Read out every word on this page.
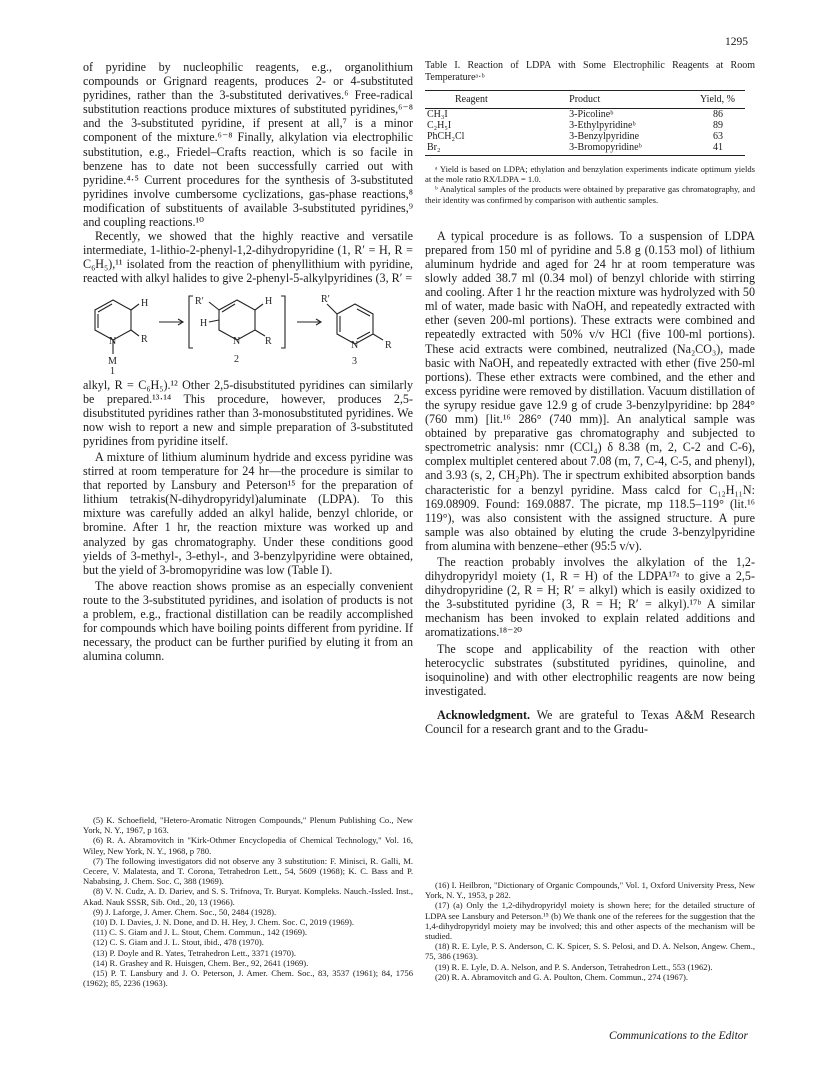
1295

of pyridine by nucleophilic reagents, e.g., organolithium compounds or Grignard reagents, produces 2- or 4-substituted pyridines, rather than the 3-substituted derivatives.⁶ Free-radical substitution reactions produce mixtures of substituted pyridines,⁶⁻⁸ and the 3-substituted pyridine, if present at all,⁷ is a minor component of the mixture.⁶⁻⁸ Finally, alkylation via electrophilic substitution, e.g., Friedel–Crafts reaction, which is so facile in benzene has to date not been successfully carried out with pyridine.⁴·⁵ Current procedures for the synthesis of 3-substituted pyridines involve cumbersome cyclizations, gas-phase reactions,⁸ modification of substituents of available 3-substituted pyridines,⁹ and coupling reactions.¹⁰

Recently, we showed that the highly reactive and versatile intermediate, 1-lithio-2-phenyl-1,2-dihydropyridine (1, R′ = H, R = C₆H₅),¹¹ isolated from the reaction of phenyllithium with pyridine, reacted with alkyl halides to give 2-phenyl-5-alkylpyridines (3, R′ =

N
H
R
M
1
R′
H
H
N R
2
R′
N	R
3

alkyl, R = C₆H₅).¹² Other 2,5-disubstituted pyridines can similarly be prepared.¹³·¹⁴ This procedure, however, produces 2,5-disubstituted pyridines rather than 3-monosubstituted pyridines. We now wish to report a new and simple preparation of 3-substituted pyridines from pyridine itself.

A mixture of lithium aluminum hydride and excess pyridine was stirred at room temperature for 24 hr—the procedure is similar to that reported by Lansbury and Peterson¹⁵ for the preparation of lithium tetrakis(N-dihydropyridyl)aluminate (LDPA). To this mixture was carefully added an alkyl halide, benzyl chloride, or bromine. After 1 hr, the reaction mixture was worked up and analyzed by gas chromatography. Under these conditions good yields of 3-methyl-, 3-ethyl-, and 3-benzylpyridine were obtained, but the yield of 3-bromopyridine was low (Table I).

The above reaction shows promise as an especially convenient route to the 3-substituted pyridines, and isolation of products is not a problem, e.g., fractional distillation can be readily accomplished for compounds which have boiling points different from pyridine. If necessary, the product can be further purified by eluting it from an alumina column.

(5) K. Schoefield, "Hetero-Aromatic Nitrogen Compounds," Plenum Publishing Co., New York, N. Y., 1967, p 163.

(6) R. A. Abramovitch in "Kirk-Othmer Encyclopedia of Chemical Technology," Vol. 16, Wiley, New York, N. Y., 1968, p 780.

(7) The following investigators did not observe any 3 substitution: F. Minisci, R. Galli, M. Cecere, V. Malatesta, and T. Corona, Tetrahedron Lett., 54, 5609 (1968); K. C. Bass and P. Nababsing, J. Chem. Soc. C, 388 (1969).

(8) V. N. Cudz, A. D. Dariev, and S. S. Trifnova, Tr. Buryat. Kompleks. Nauch.-Issled. Inst., Akad. Nauk SSSR, Sib. Otd., 20, 13 (1966).

(9) J. Laforge, J. Amer. Chem. Soc., 50, 2484 (1928).

(10) D. I. Davies, J. N. Done, and D. H. Hey, J. Chem. Soc. C, 2019 (1969).

(11) C. S. Giam and J. L. Stout, Chem. Commun., 142 (1969).

(12) C. S. Giam and J. L. Stout, ibid., 478 (1970).

(13) P. Doyle and R. Yates, Tetrahedron Lett., 3371 (1970).

(14) R. Grashey and R. Huisgen, Chem. Ber., 92, 2641 (1969).

(15) P. T. Lansbury and J. O. Peterson, J. Amer. Chem. Soc., 83, 3537 (1961); 84, 1756 (1962); 85, 2236 (1963).

Table I. Reaction of LDPA with Some Electrophilic Reagents at Room Temperatureᵃ·ᵇ
Reagent	Product	Yield, %
CH₃I	3-Picolineᵇ	86
C₂H₅I	3-Ethylpyridineᵇ	89
PhCH₂Cl	3-Benzylpyridine	63
Br₂	3-Bromopyridineᵇ	41

ᵃ Yield is based on LDPA; ethylation and benzylation experiments indicate optimum yields at the mole ratio RX/LDPA = 1.0.

ᵇ Analytical samples of the products were obtained by preparative gas chromatography, and their identity was confirmed by comparison with authentic samples.

A typical procedure is as follows. To a suspension of LDPA prepared from 150 ml of pyridine and 5.8 g (0.153 mol) of lithium aluminum hydride and aged for 24 hr at room temperature was slowly added 38.7 ml (0.34 mol) of benzyl chloride with stirring and cooling. After 1 hr the reaction mixture was hydrolyzed with 50 ml of water, made basic with NaOH, and repeatedly extracted with ether (seven 200-ml portions). These extracts were combined and repeatedly extracted with 50% v/v HCl (five 100-ml portions). These acid extracts were combined, neutralized (Na₂CO₃), made basic with NaOH, and repeatedly extracted with ether (five 250-ml portions). These ether extracts were combined, and the ether and excess pyridine were removed by distillation. Vacuum distillation of the syrupy residue gave 12.9 g of crude 3-benzylpyridine: bp 284° (760 mm) [lit.¹⁶ 286° (740 mm)]. An analytical sample was obtained by preparative gas chromatography and subjected to spectrometric analysis: nmr (CCl₄) δ 8.38 (m, 2, C-2 and C-6), complex multiplet centered about 7.08 (m, 7, C-4, C-5, and phenyl), and 3.93 (s, 2, CH₂Ph). The ir spectrum exhibited absorption bands characteristic for a benzyl pyridine. Mass calcd for C₁₂H₁₁N: 169.08909. Found: 169.0887. The picrate, mp 118.5–119° (lit.¹⁶ 119°), was also consistent with the assigned structure. A pure sample was also obtained by eluting the crude 3-benzylpyridine from alumina with benzene–ether (95:5 v/v).

The reaction probably involves the alkylation of the 1,2-dihydropyridyl moiety (1, R = H) of the LDPA¹⁷ᵃ to give a 2,5-dihydropyridine (2, R = H; R′ = alkyl) which is easily oxidized to the 3-substituted pyridine (3, R = H; R′ = alkyl).¹⁷ᵇ A similar mechanism has been invoked to explain related additions and aromatizations.¹⁸⁻²⁰

The scope and applicability of the reaction with other heterocyclic substrates (substituted pyridines, quinoline, and isoquinoline) and with other electrophilic reagents are now being investigated.

Acknowledgment. We are grateful to Texas A&M Research Council for a research grant and to the Gradu-

(16) I. Heilbron, "Dictionary of Organic Compounds," Vol. 1, Oxford University Press, New York, N. Y., 1953, p 282.

(17) (a) Only the 1,2-dihydropyridyl moiety is shown here; for the detailed structure of LDPA see Lansbury and Peterson.¹⁵ (b) We thank one of the referees for the suggestion that the 1,4-dihydropyridyl moiety may be involved; this and other aspects of the mechanism will be studied.

(18) R. E. Lyle, P. S. Anderson, C. K. Spicer, S. S. Pelosi, and D. A. Nelson, Angew. Chem., 75, 386 (1963).

(19) R. E. Lyle, D. A. Nelson, and P. S. Anderson, Tetrahedron Lett., 553 (1962).

(20) R. A. Abramovitch and G. A. Poulton, Chem. Commun., 274 (1967).

Communications to the Editor
